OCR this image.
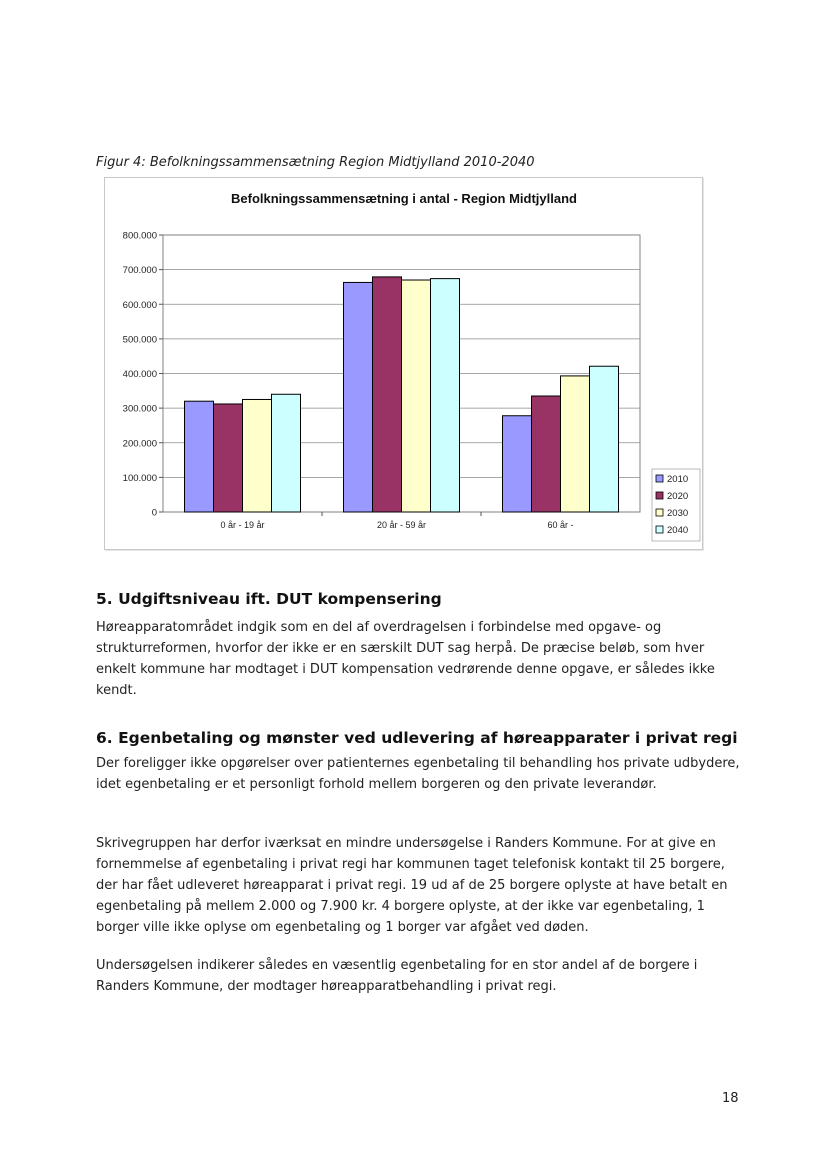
Figur 4: Befolkningssammensætning Region Midtjylland 2010-2040
Befolkningssammensætning i antal - Region Midtjylland
0
100.000
200.000
300.000
400.000
500.000
600.000
700.000
800.000
0 år - 19 år	20 år - 59 år	60 år -
2010
2020
2030
2040
5. Udgiftsniveau ift. DUT kompensering

Høreapparatområdet indgik som en del af overdragelsen i forbindelse med opgave- og strukturreformen, hvorfor der ikke er en særskilt DUT sag herpå. De præcise beløb, som hver enkelt kommune har modtaget i DUT kompensation vedrørende denne opgave, er således ikke kendt.

6. Egenbetaling og mønster ved udlevering af høreapparater i privat regi

Der foreligger ikke opgørelser over patienternes egenbetaling til behandling hos private udbydere, idet egenbetaling er et personligt forhold mellem borgeren og den private leverandør.

Skrivegruppen har derfor iværksat en mindre undersøgelse i Randers Kommune. For at give en fornemmelse af egenbetaling i privat regi har kommunen taget telefonisk kontakt til 25 borgere, der har fået udleveret høreapparat i privat regi. 19 ud af de 25 borgere oplyste at have betalt en egenbetaling på mellem 2.000 og 7.900 kr. 4 borgere oplyste, at der ikke var egenbetaling, 1 borger ville ikke oplyse om egenbetaling og 1 borger var afgået ved døden.

Undersøgelsen indikerer således en væsentlig egenbetaling for en stor andel af de borgere i Randers Kommune, der modtager høreapparatbehandling i privat regi.

18
